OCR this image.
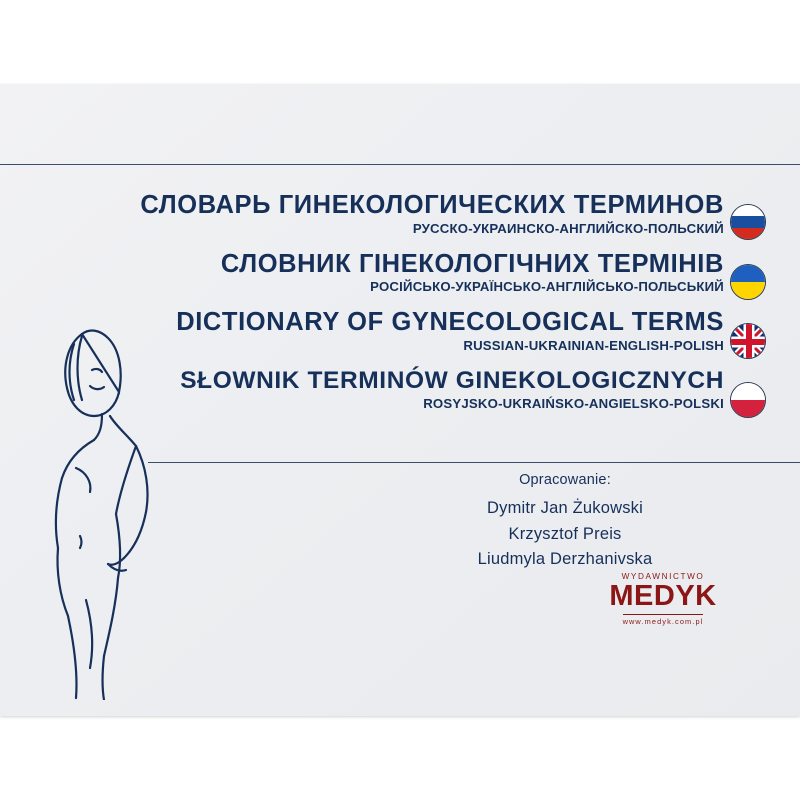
СЛОВАРЬ ГИНЕКОЛОГИЧЕСКИХ ТЕРМИНОВ
РУССКО-УКРАИНСКО-АНГЛИЙСКО-ПОЛЬСКИЙ
СЛОВНИК ГІНЕКОЛОГІЧНИХ ТЕРМІНІВ
РОСІЙСЬКО-УКРАЇНСЬКО-АНГЛІЙСЬКО-ПОЛЬСЬКИЙ
DICTIONARY OF GYNECOLOGICAL TERMS
RUSSIAN-UKRAINIAN-ENGLISH-POLISH
SŁOWNIK TERMINÓW GINEKOLOGICZNYCH
ROSYJSKO-UKRAIŃSKO-ANGIELSKO-POLSKI
Opracowanie:
Dymitr Jan Żukowski
Krzysztof Preis
Liudmyla Derzhanivska
WYDAWNICTWO
MEDYK
www.medyk.com.pl
